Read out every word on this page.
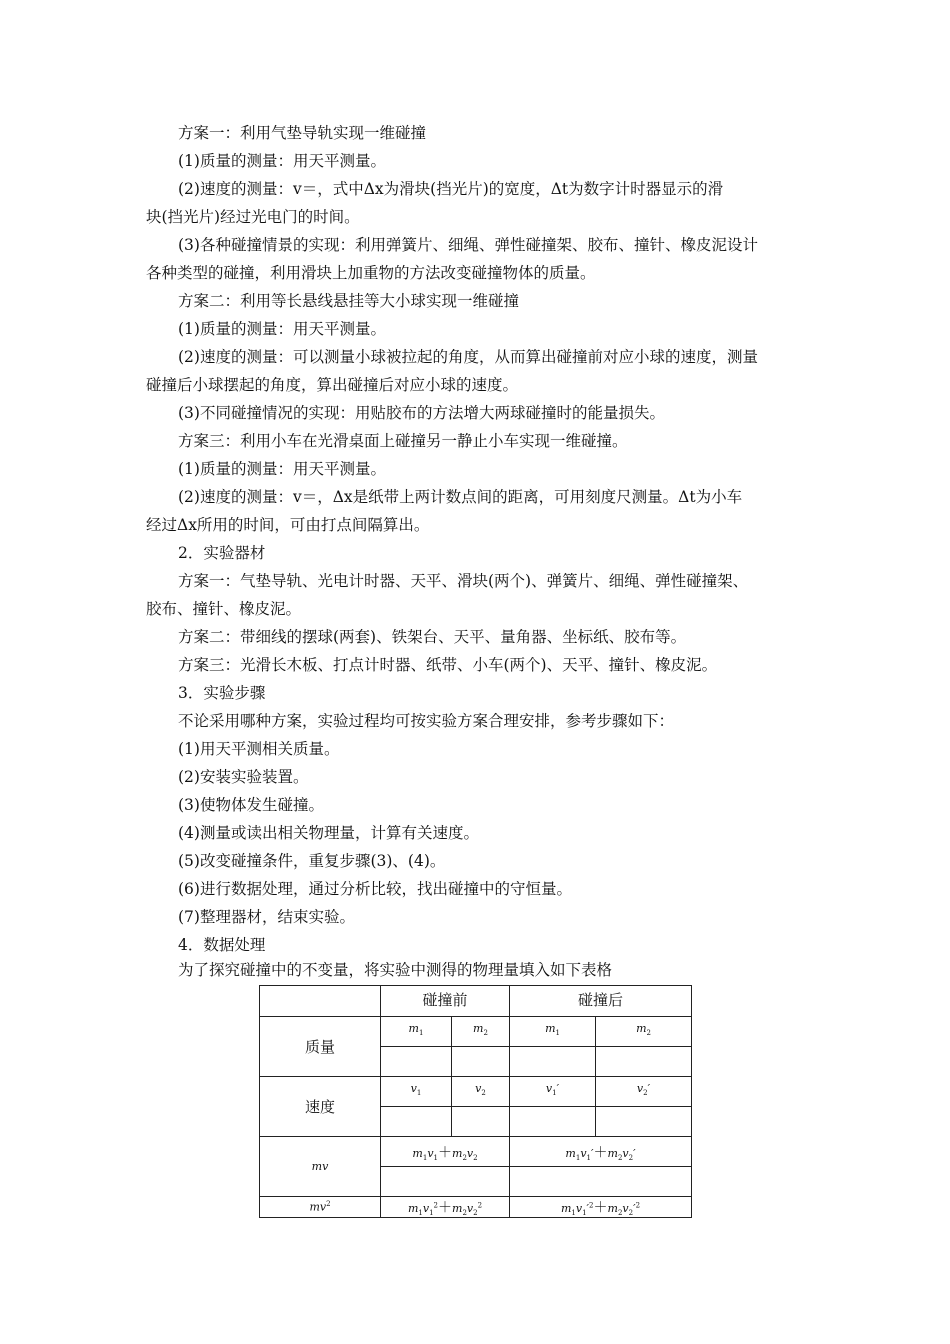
方案一：利用气垫导轨实现一维碰撞
(1)质量的测量：用天平测量。
(2)速度的测量：v＝，式中Δx为滑块(挡光片)的宽度，Δt为数字计时器显示的滑
块(挡光片)经过光电门的时间。
(3)各种碰撞情景的实现：利用弹簧片、细绳、弹性碰撞架、胶布、撞针、橡皮泥设计
各种类型的碰撞，利用滑块上加重物的方法改变碰撞物体的质量。
方案二：利用等长悬线悬挂等大小球实现一维碰撞
(1)质量的测量：用天平测量。
(2)速度的测量：可以测量小球被拉起的角度，从而算出碰撞前对应小球的速度，测量
碰撞后小球摆起的角度，算出碰撞后对应小球的速度。
(3)不同碰撞情况的实现：用贴胶布的方法增大两球碰撞时的能量损失。
方案三：利用小车在光滑桌面上碰撞另一静止小车实现一维碰撞。
(1)质量的测量：用天平测量。
(2)速度的测量：v＝，Δx是纸带上两计数点间的距离，可用刻度尺测量。Δt为小车
经过Δx所用的时间，可由打点间隔算出。
2．实验器材
方案一：气垫导轨、光电计时器、天平、滑块(两个)、弹簧片、细绳、弹性碰撞架、
胶布、撞针、橡皮泥。
方案二：带细线的摆球(两套)、铁架台、天平、量角器、坐标纸、胶布等。
方案三：光滑长木板、打点计时器、纸带、小车(两个)、天平、撞针、橡皮泥。
3．实验步骤
不论采用哪种方案，实验过程均可按实验方案合理安排，参考步骤如下：
(1)用天平测相关质量。
(2)安装实验装置。
(3)使物体发生碰撞。
(4)测量或读出相关物理量，计算有关速度。
(5)改变碰撞条件，重复步骤(3)、(4)。
(6)进行数据处理，通过分析比较，找出碰撞中的守恒量。
(7)整理器材，结束实验。
4．数据处理
为了探究碰撞中的不变量，将实验中测得的物理量填入如下表格
	碰撞前		碰撞后	
质量	$m_1$	$m_2$	$m_1$	$m_2$

速度	$v_1$	$v_2$	$v_1'$	$v_2'$

mv	$m_1v_1+m_2v_2$		$m_1v_1'+m_2v_2'$	

$mv^2$	$m_1v_1^2+m_2v_2^2$		$m_1v_1'^2+m_2v_2'^2$
